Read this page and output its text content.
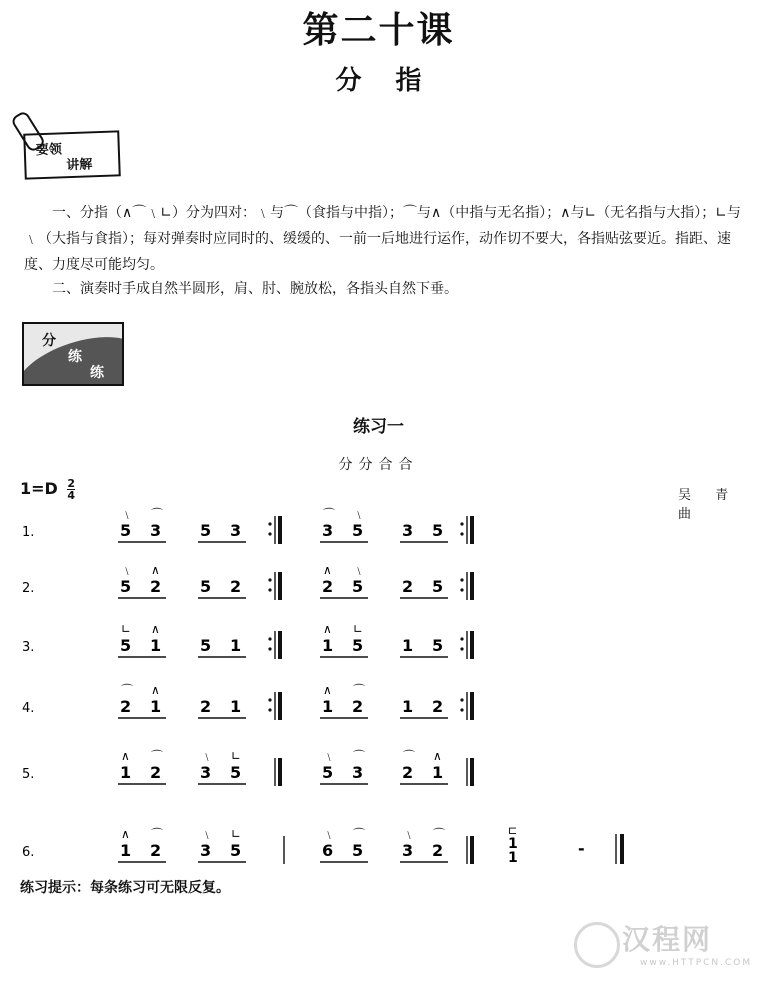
第二十课
分指
要领
讲解
一、分指（∧⌒﹨∟）分为四对：﹨与⌒（食指与中指）；⌒与∧（中指与无名指）；∧与∟（无名指与大指）；∟与﹨（大指与食指）；每对弹奏时应同时的、缓缓的、一前一后地进行运作，动作切不要大，各指贴弦要近。指距、速度、力度尽可能均匀。
二、演奏时手成自然半圆形，肩、肘、腕放松，各指头自然下垂。
分
练
练
练习一
分分合合
$1=D \frac{2}{4}$	吴 青曲
1.	5
﹨
3
⌒
5 3	3
⌒
5
﹨
3 5
2.	5
﹨
2
∧
5 2	2
∧
5
﹨
2 5
3.	5
∟
1
∧
5 1	1
∧
5
∟
1 5
4.	2
⌒
1
∧
2 1	1
∧
2
⌒
1 2
5.	1
∧
2
⌒
3
﹨
5
∟
5
﹨
3
⌒
2
⌒
1
∧
6.	1
∧
2
⌒
3
﹨
5
∟
6
﹨
5
⌒
3
﹨
2
⌒	⊏
1
1	-
练习提示：每条练习可无限反复。
汉程网
www.HTTPCN.COM
